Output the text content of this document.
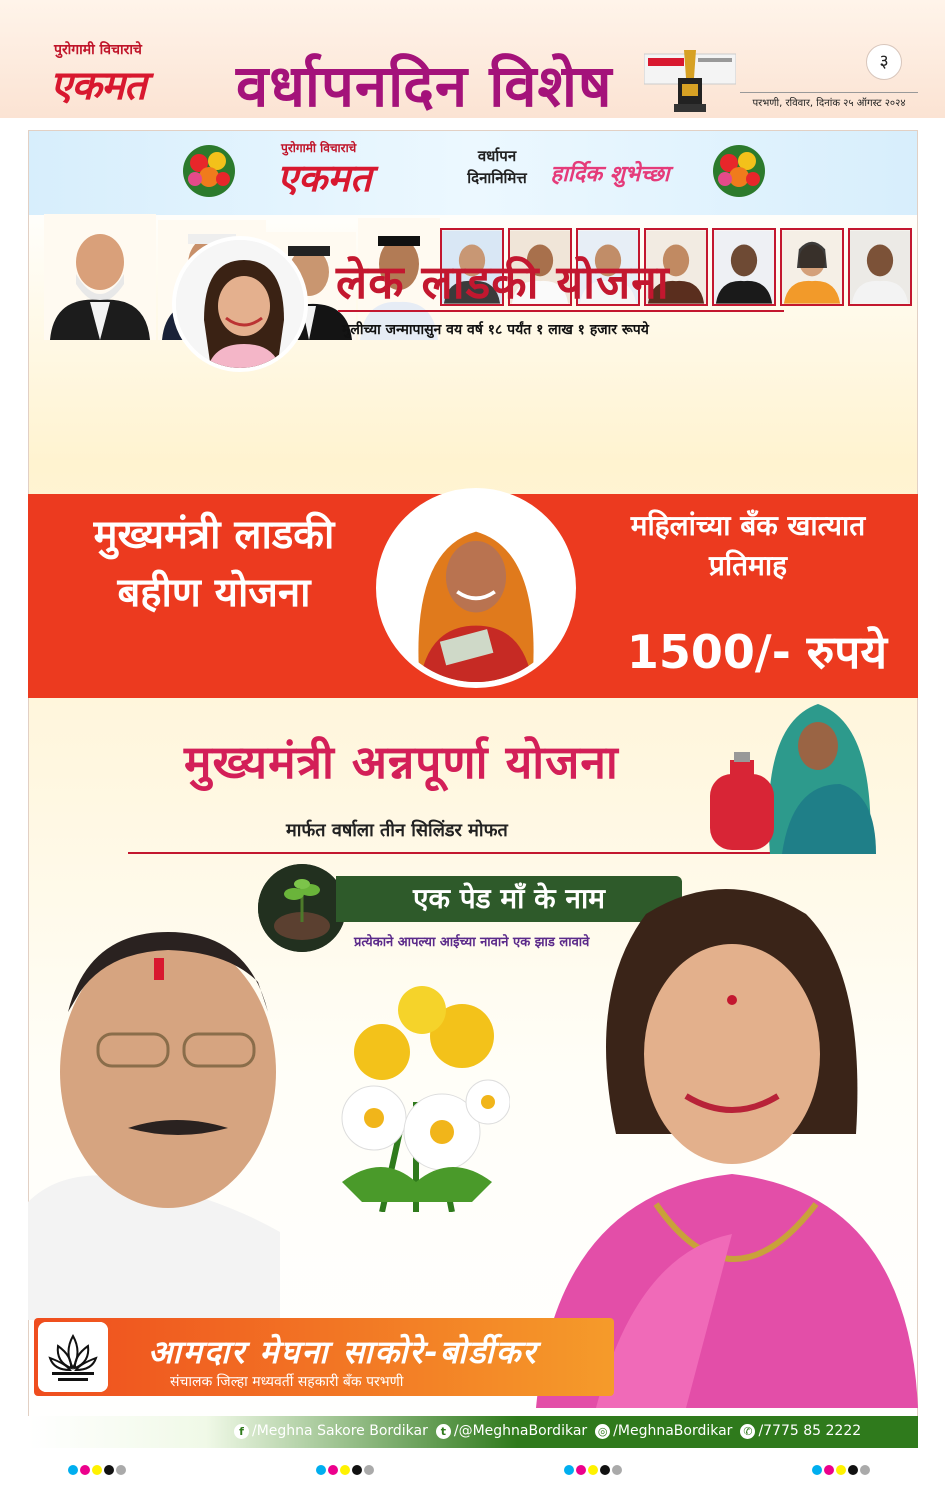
पुरोगामी विचाराचे
एकमत वर्धापनदिन विशेष	३
परभणी, रविवार, दिनांक २५ ऑगस्ट २०२४
पुरोगामी विचाराचे
एकमत	वर्धापन दिनानिमित्त	हार्दिक शुभेच्छा
लेक लाडकी योजना
मुलीच्या जन्मापासुन वय वर्ष १८ पर्यंत १ लाख १ हजार रूपये
मुख्यमंत्री लाडकी बहीण योजना
महिलांच्या बँक खात्यात प्रतिमाह
1500/- रुपये
मुख्यमंत्री अन्नपूर्णा योजना
मार्फत वर्षाला तीन सिलिंडर मोफत
एक पेड माँ के नाम
प्रत्येकाने आपल्या आईच्या नावाने एक झाड लावावे
आमदार मेघना साकोरे-बोर्डीकर
संचालक जिल्हा मध्यवर्ती सहकारी बँक परभणी
f /Meghna Sakore Bordikar	t /@MeghnaBordikar ◎ /MeghnaBordikar ✆ /7775 85 2222
